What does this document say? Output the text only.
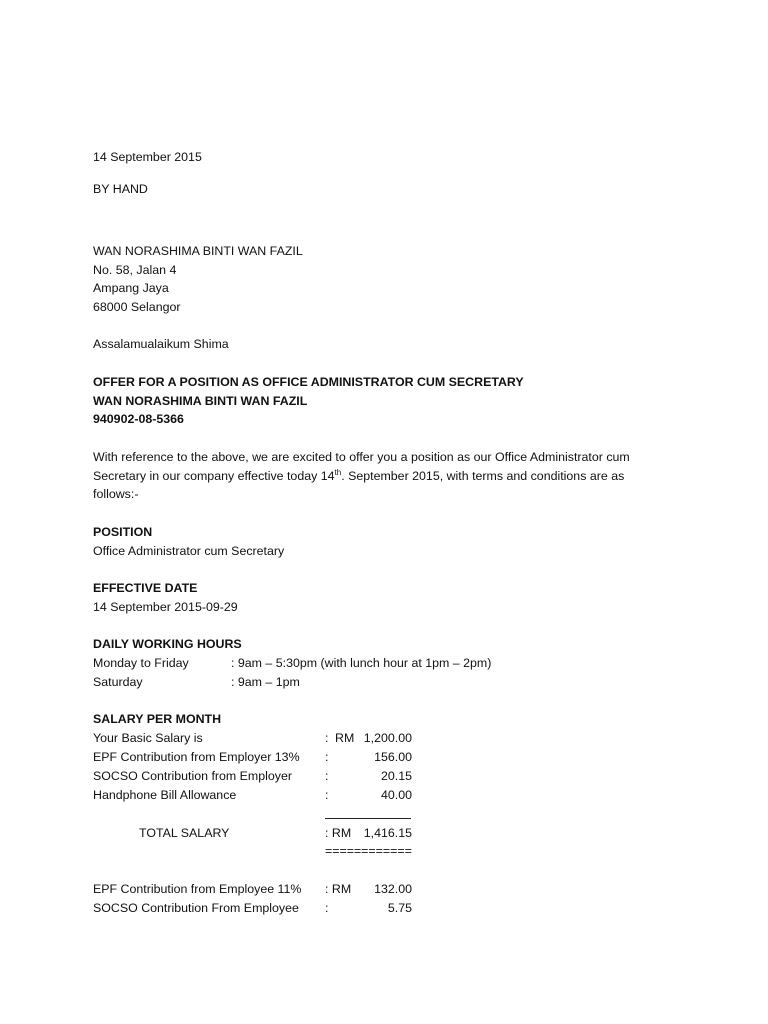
14 September 2015
BY HAND
WAN NORASHIMA BINTI WAN FAZIL
No. 58, Jalan 4
Ampang Jaya
68000 Selangor
Assalamualaikum Shima
OFFER FOR A POSITION AS OFFICE ADMINISTRATOR CUM SECRETARY
WAN NORASHIMA BINTI WAN FAZIL
940902-08-5366
With reference to the above, we are excited to offer you a position as our Office Administrator cum
Secretary in our company effective today 14th. September 2015, with terms and conditions are as
follows:-
POSITION
Office Administrator cum Secretary
EFFECTIVE DATE
14 September 2015-09-29
DAILY WORKING HOURS
Monday to Friday	: 9am – 5:30pm (with lunch hour at 1pm – 2pm)
Saturday	: 9am – 1pm
SALARY PER MONTH
Your Basic Salary is	: RM 1,200.00
EPF Contribution from Employer 13% :	156.00
SOCSO Contribution from Employer	:	20.15
Handphone Bill Allowance	:	40.00
TOTAL SALARY	: RM 1,416.15
============
EPF Contribution from Employee 11% : RM 132.00
SOCSO Contribution From Employee :	5.75
